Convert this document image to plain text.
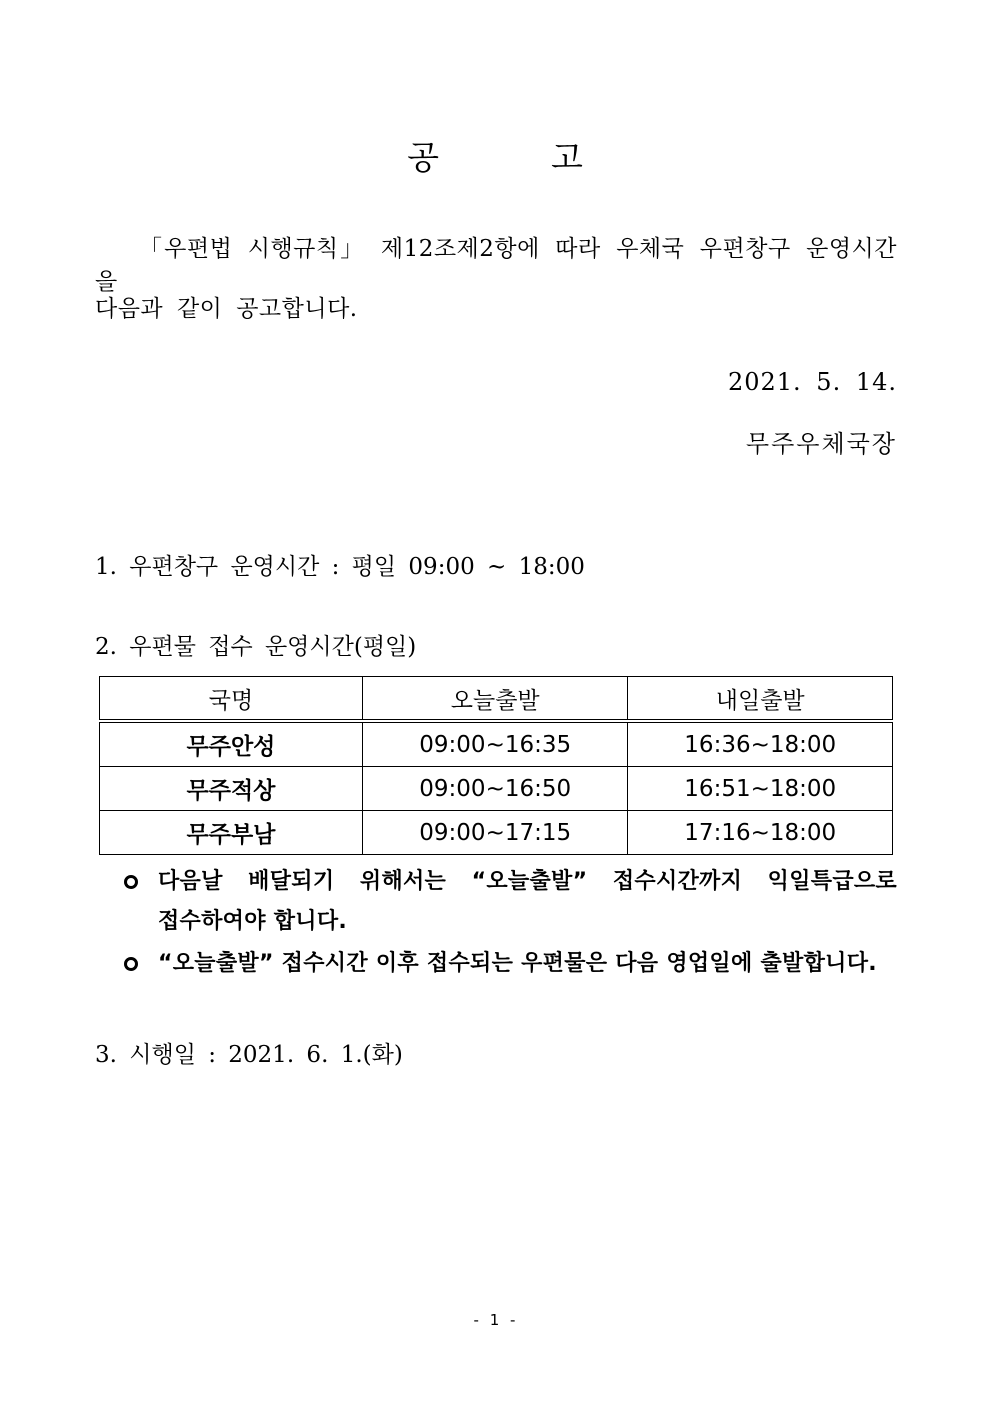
공	고
「우편법 시행규칙」 제12조제2항에 따라 우체국 우편창구 운영시간을
다음과 같이 공고합니다.
2021. 5. 14.
무주우체국장
1. 우편창구 운영시간 : 평일 09:00 ~ 18:00
2. 우편물 접수 운영시간(평일)
국명	오늘출발	내일출발
무주안성	09:00~16:35	16:36~18:00
무주적상	09:00~16:50	16:51~18:00
무주부남	09:00~17:15	17:16~18:00
다음날 배달되기 위해서는 “오늘출발” 접수시간까지 익일특급으로
접수하여야 합니다.
“오늘출발” 접수시간 이후 접수되는 우편물은 다음 영업일에 출발합니다.
3. 시행일 : 2021. 6. 1.(화)
- 1 -
